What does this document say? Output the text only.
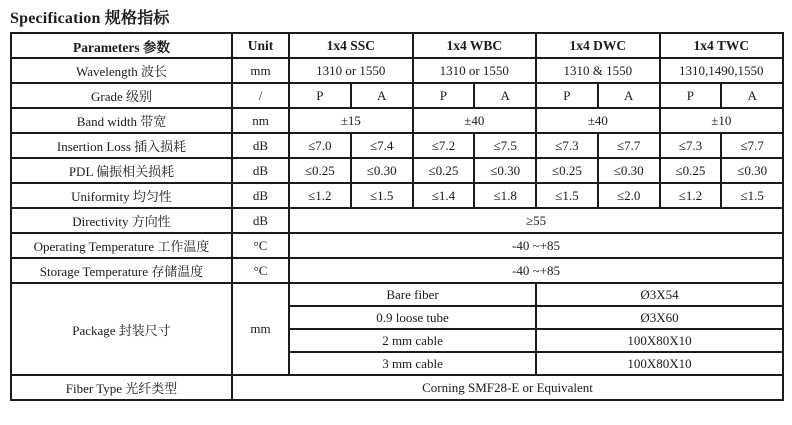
Specification 规格指标
Parameters 参数	Unit	1x4 SSC		1x4 WBC		1x4 DWC		1x4 TWC	
Wavelength 波长	mm	1310 or 1550		1310 or 1550		1310 & 1550		1310,1490,1550	
Grade 级别	/	P	A	P	A	P	A	P	A
Band width 带宽	nm	±15		±40		±40		±10	
Insertion Loss 插入损耗	dB	≤7.0	≤7.4	≤7.2	≤7.5	≤7.3	≤7.7	≤7.3	≤7.7
PDL 偏振相关损耗	dB	≤0.25	≤0.30	≤0.25	≤0.30	≤0.25	≤0.30	≤0.25	≤0.30
Uniformity 均匀性	dB	≤1.2	≤1.5	≤1.4	≤1.8	≤1.5	≤2.0	≤1.2	≤1.5
Directivity 方向性	dB	≥55							
Operating Temperature 工作温度	°C	-40 ~+85							
Storage Temperature 存储温度	°C	-40 ~+85							
Package 封装尺寸	mm	Bare fiber				Ø3X54			
		0.9 loose tube				Ø3X60			
		2 mm cable				100X80X10			
		3 mm cable				100X80X10			
Fiber Type 光纤类型	Corning SMF28-E or Equivalent								
